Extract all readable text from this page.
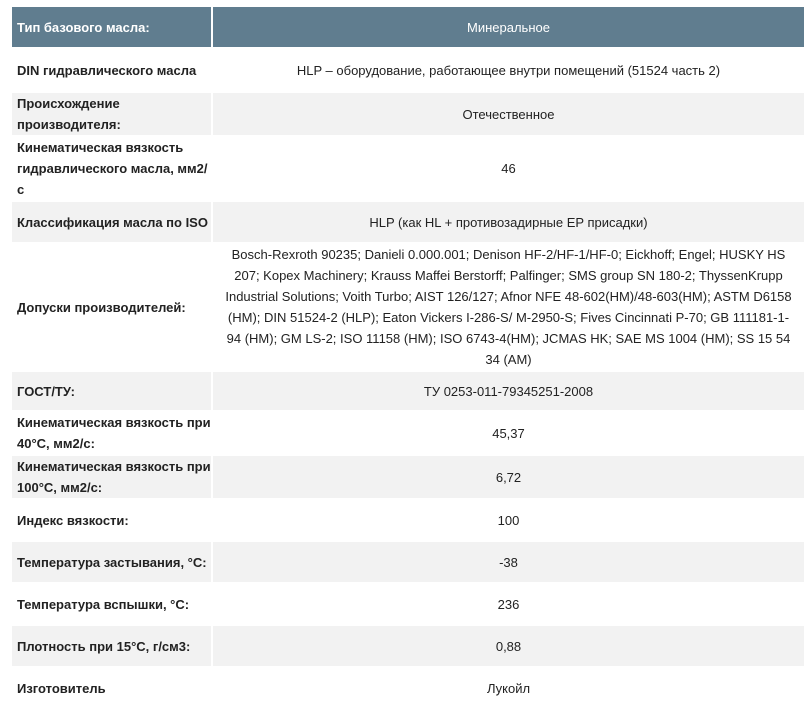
Тип базового масла:	Минеральное
DIN гидравлического масла	HLP – оборудование, работающее внутри помещений (51524 часть 2)
Происхождение производителя:	Отечественное
Кинематическая вязкость гидравлического масла, мм2/с	46
Классификация масла по ISO	HLP (как HL + противозадирные EP присадки)
Допуски производителей:	Bosch-Rexroth 90235; Danieli 0.000.001; Denison HF-2/HF-1/HF-0; Eickhoff; Engel; HUSKY HS 207; Kopex Machinery; Krauss Maffei Berstorff; Palfinger; SMS group SN 180-2; ThyssenKrupp Industrial Solutions; Voith Turbo; AIST 126/127; Afnor NFE 48-602(HM)/48-603(HM); ASTM D6158 (HM); DIN 51524-2 (HLP); Eaton Vickers I-286-S/ M-2950-S; Fives Cincinnati P-70; GB 111181-1-94 (HM); GM LS-2; ISO 11158 (HM); ISO 6743-4(HM); JCMAS HK; SAE MS 1004 (HM); SS 15 54 34 (AM)
ГОСТ/ТУ:	ТУ 0253-011-79345251-2008
Кинематическая вязкость при 40°С, мм2/с:	45,37
Кинематическая вязкость при 100°С, мм2/с:	6,72
Индекс вязкости:	100
Температура застывания, °С:	-38
Температура вспышки, °С:	236
Плотность при 15°С, г/см3:	0,88
Изготовитель	Лукойл
